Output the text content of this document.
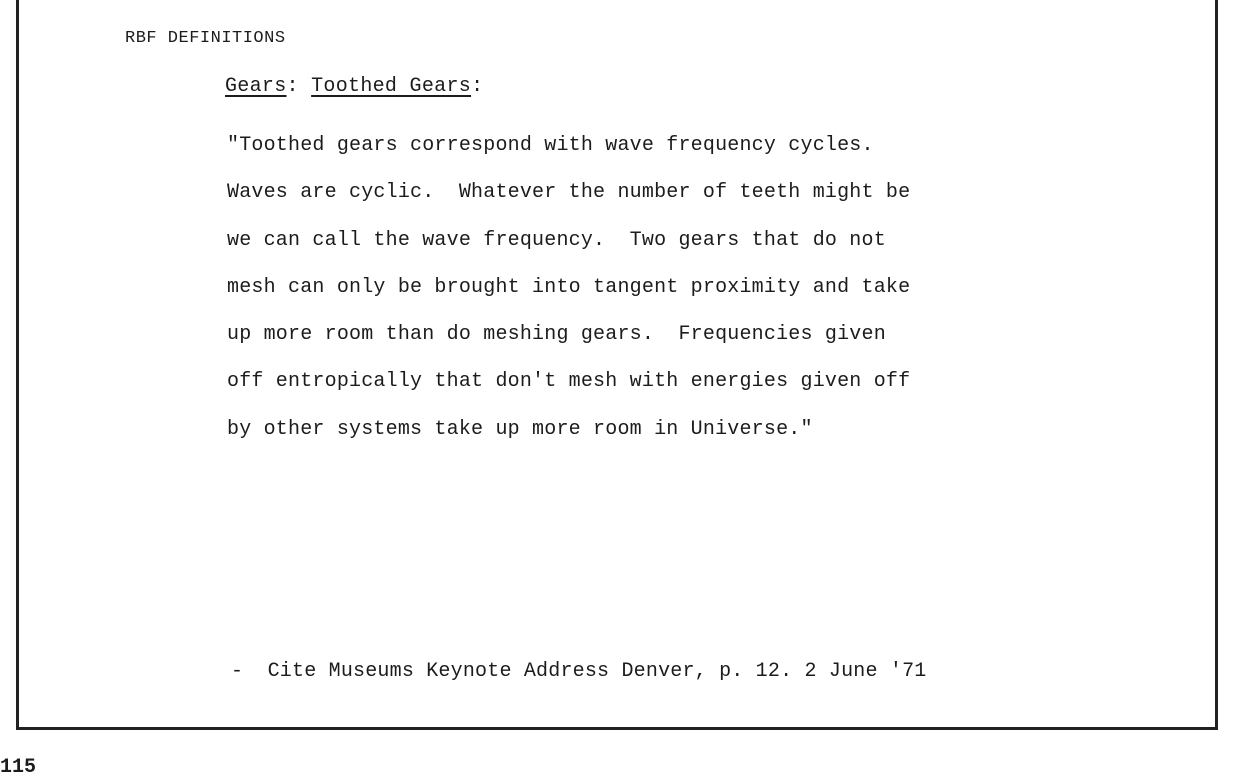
RBF DEFINITIONS
Gears: Toothed Gears:
"Toothed gears correspond with wave frequency cycles.
Waves are cyclic.  Whatever the number of teeth might be
we can call the wave frequency.  Two gears that do not
mesh can only be brought into tangent proximity and take
up more room than do meshing gears.  Frequencies given
off entropically that don't mesh with energies given off
by other systems take up more room in Universe."
-  Cite Museums Keynote Address Denver, p. 12. 2 June '71
115
